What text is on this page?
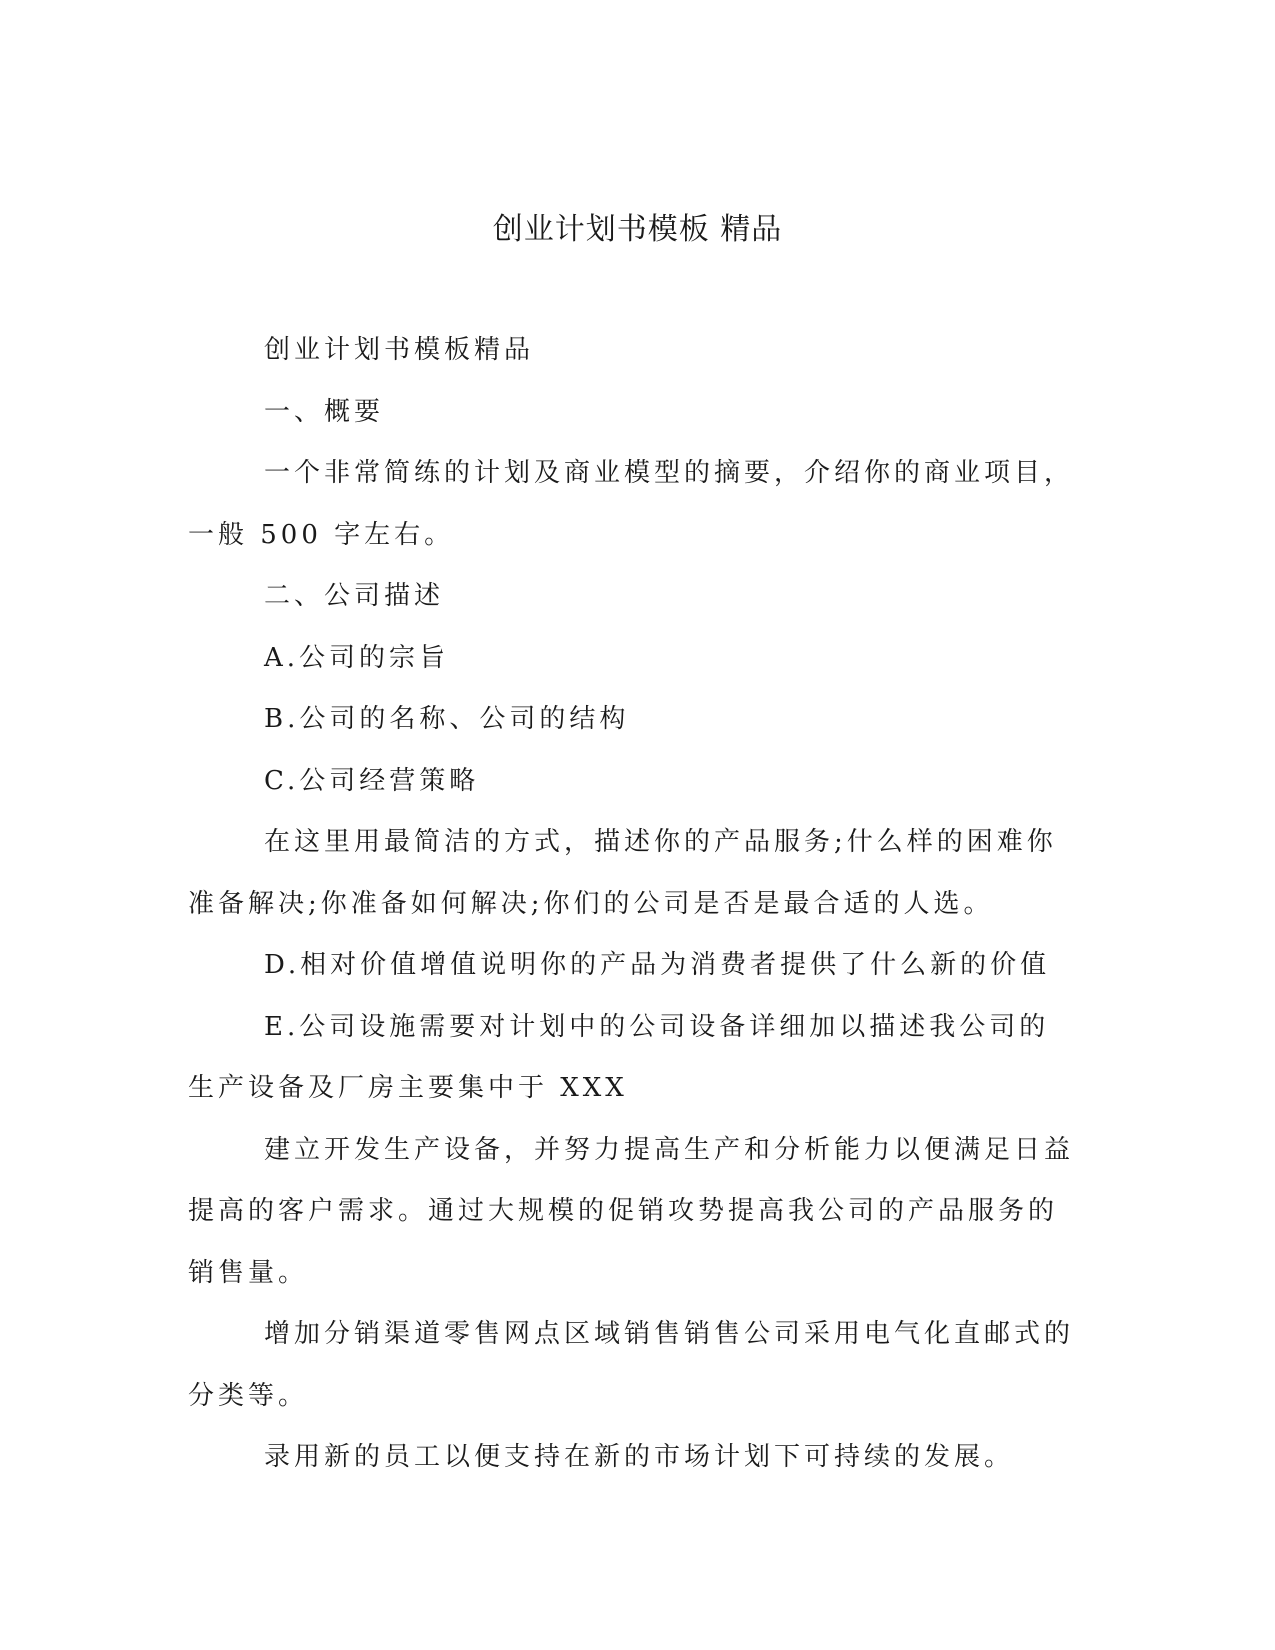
创业计划书模板 精品

创业计划书模板精品

一、概要

一个非常简练的计划及商业模型的摘要，介绍你的商业项目，一般 500 字左右。

二、公司描述

A.公司的宗旨

B.公司的名称、公司的结构

C.公司经营策略

在这里用最简洁的方式，描述你的产品服务;什么样的困难你准备解决;你准备如何解决;你们的公司是否是最合适的人选。

D.相对价值增值说明你的产品为消费者提供了什么新的价值

E.公司设施需要对计划中的公司设备详细加以描述我公司的生产设备及厂房主要集中于 XXX

建立开发生产设备，并努力提高生产和分析能力以便满足日益提高的客户需求。通过大规模的促销攻势提高我公司的产品服务的销售量。

增加分销渠道零售网点区域销售销售公司采用电气化直邮式的分类等。

录用新的员工以便支持在新的市场计划下可持续的发展。
